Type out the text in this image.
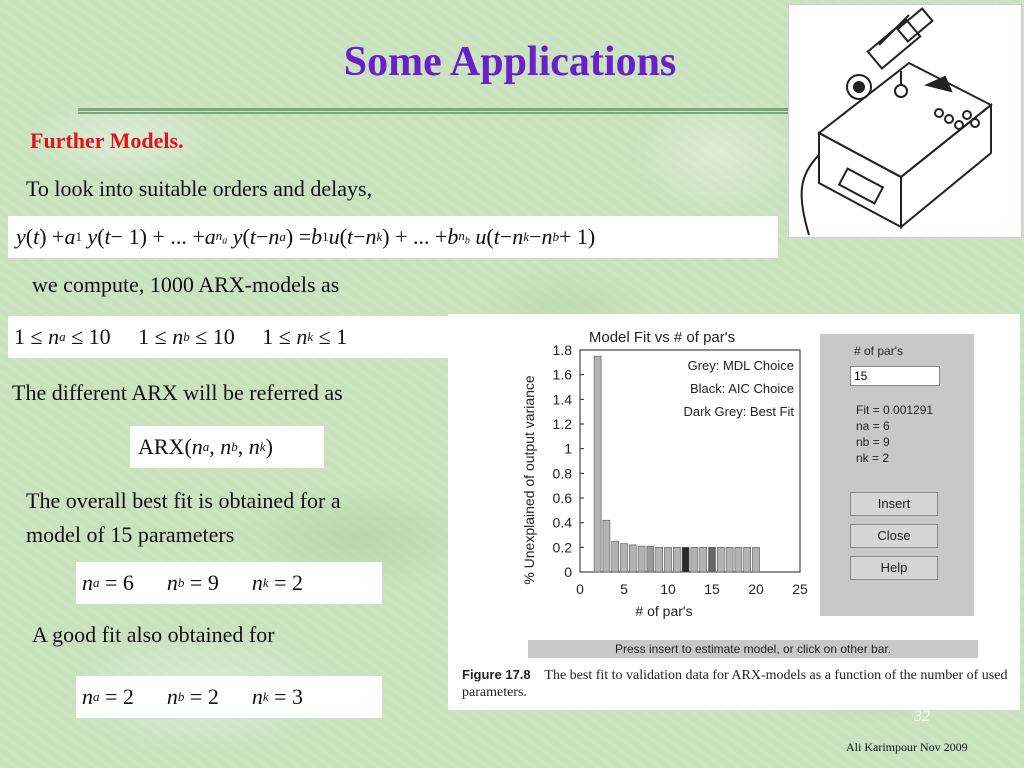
Some Applications
Further Models.
To look into suitable orders and delays,
y ( t ) + a 1 y ( t − 1) + ... + a $n_a$ y ( t − n a ) = b 1 u ( t − n k ) + ... + b $n_b$ u ( t − n k − n b + 1)
we compute, 1000 ARX-models as
1 ≤ n a ≤ 10     1 ≤ n b ≤ 10     1 ≤ n k ≤ 1
The different ARX will be referred as
ARX( n a , n b , n k )
The overall best fit is obtained for a
model of 15 parameters
n a = 6
n b = 9
n k = 2
A good fit also obtained for
n a = 2
n b = 2
n k = 3
Model Fit vs # of par's
% Unexplained of output variance
# of par's
0
0.2
0.4
0.6
0.8
1
1.2
1.4
1.6
1.8
0	5 10 15 20 25
Grey: MDL Choice
Black: AIC Choice
Dark Grey: Best Fit
# of par's
15
Fit = 0.001291
na = 6
nb = 9
nk = 2
Insert
Close
Help
Press insert to estimate model, or click on other bar.
Figure 17.8 The best fit to validation data for ARX-models as a function of the number of used parameters.
32
Ali Karimpour Nov 2009
